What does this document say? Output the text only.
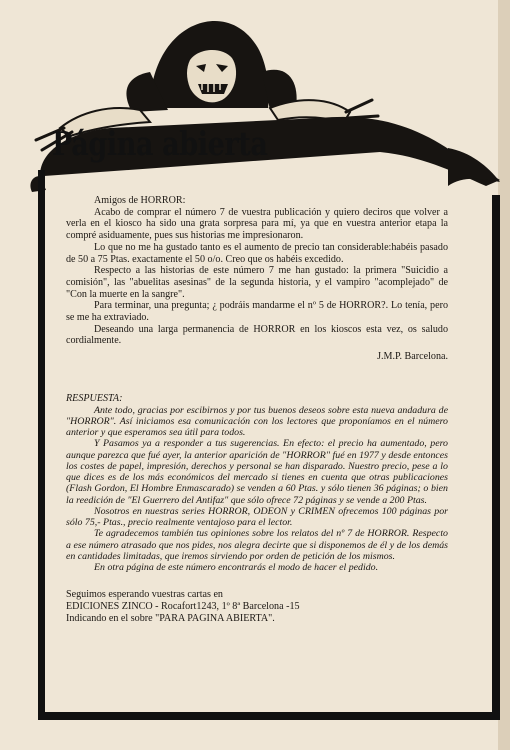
Página abierta

Amigos de HORROR:

Acabo de comprar el número 7 de vuestra publicación y quiero deciros que volver a verla en el kiosco ha sido una grata sorpresa para mí, ya que en vuestra anterior etapa la compré asiduamente, pues sus historias me impresionaron.

Lo que no me ha gustado tanto es el aumento de precio tan considerable:habéis pasado de 50 a 75 Ptas. exactamente el 50 o/o. Creo que os habéis excedido.

Respecto a las historias de este número 7 me han gustado: la primera "Suicidio a comisión", las "abuelitas asesinas" de la segunda historia, y el vampiro "acomplejado" de "Con la muerte en la sangre".

Para terminar, una pregunta; ¿ podráis mandarme el nº 5 de HORROR?. Lo tenía, pero se me ha extraviado.

Deseando una larga permanencia de HORROR en los kioscos esta vez, os saludo cordialmente.

J.M.P. Barcelona.

RESPUESTA:

Ante todo, gracias por escibirnos y por tus buenos deseos sobre esta nueva andadura de "HORROR". Así iniciamos esa comunicación con los lectores que proponíamos en el número anterior y que esperamos sea útil para todos.

Y Pasamos ya a responder a tus sugerencias. En efecto: el precio ha aumentado, pero aunque parezca que fué ayer, la anterior aparición de "HORROR" fué en 1977 y desde entonces los costes de papel, impresión, derechos y personal se han disparado. Nuestro precio, pese a lo que dices es de los más económicos del mercado si tienes en cuenta que otras publicaciones (Flash Gordon, El Hombre Enmascarado) se venden a 60 Ptas. y sólo tienen 36 páginas; o bien la reedición de "El Guerrero del Antifaz" que sólo ofrece 72 páginas y se vende a 200 Ptas.

Nosotros en nuestras series HORROR, ODEON y CRIMEN ofrecemos 100 páginas por sólo 75,- Ptas., precio realmente ventajoso para el lector.

Te agradecemos también tus opiniones sobre los relatos del nº 7 de HORROR. Respecto a ese número atrasado que nos pides, nos alegra decirte que si disponemos de él y de los demás en cantidades limitadas, que iremos sirviendo por orden de petición de los mismos.

En otra página de este número encontrarás el modo de hacer el pedido.

Seguimos esperando vuestras cartas en
EDICIONES ZINCO - Rocafort1243, 1º 8ª Barcelona -15
Indicando en el sobre "PARA PAGINA ABIERTA".
